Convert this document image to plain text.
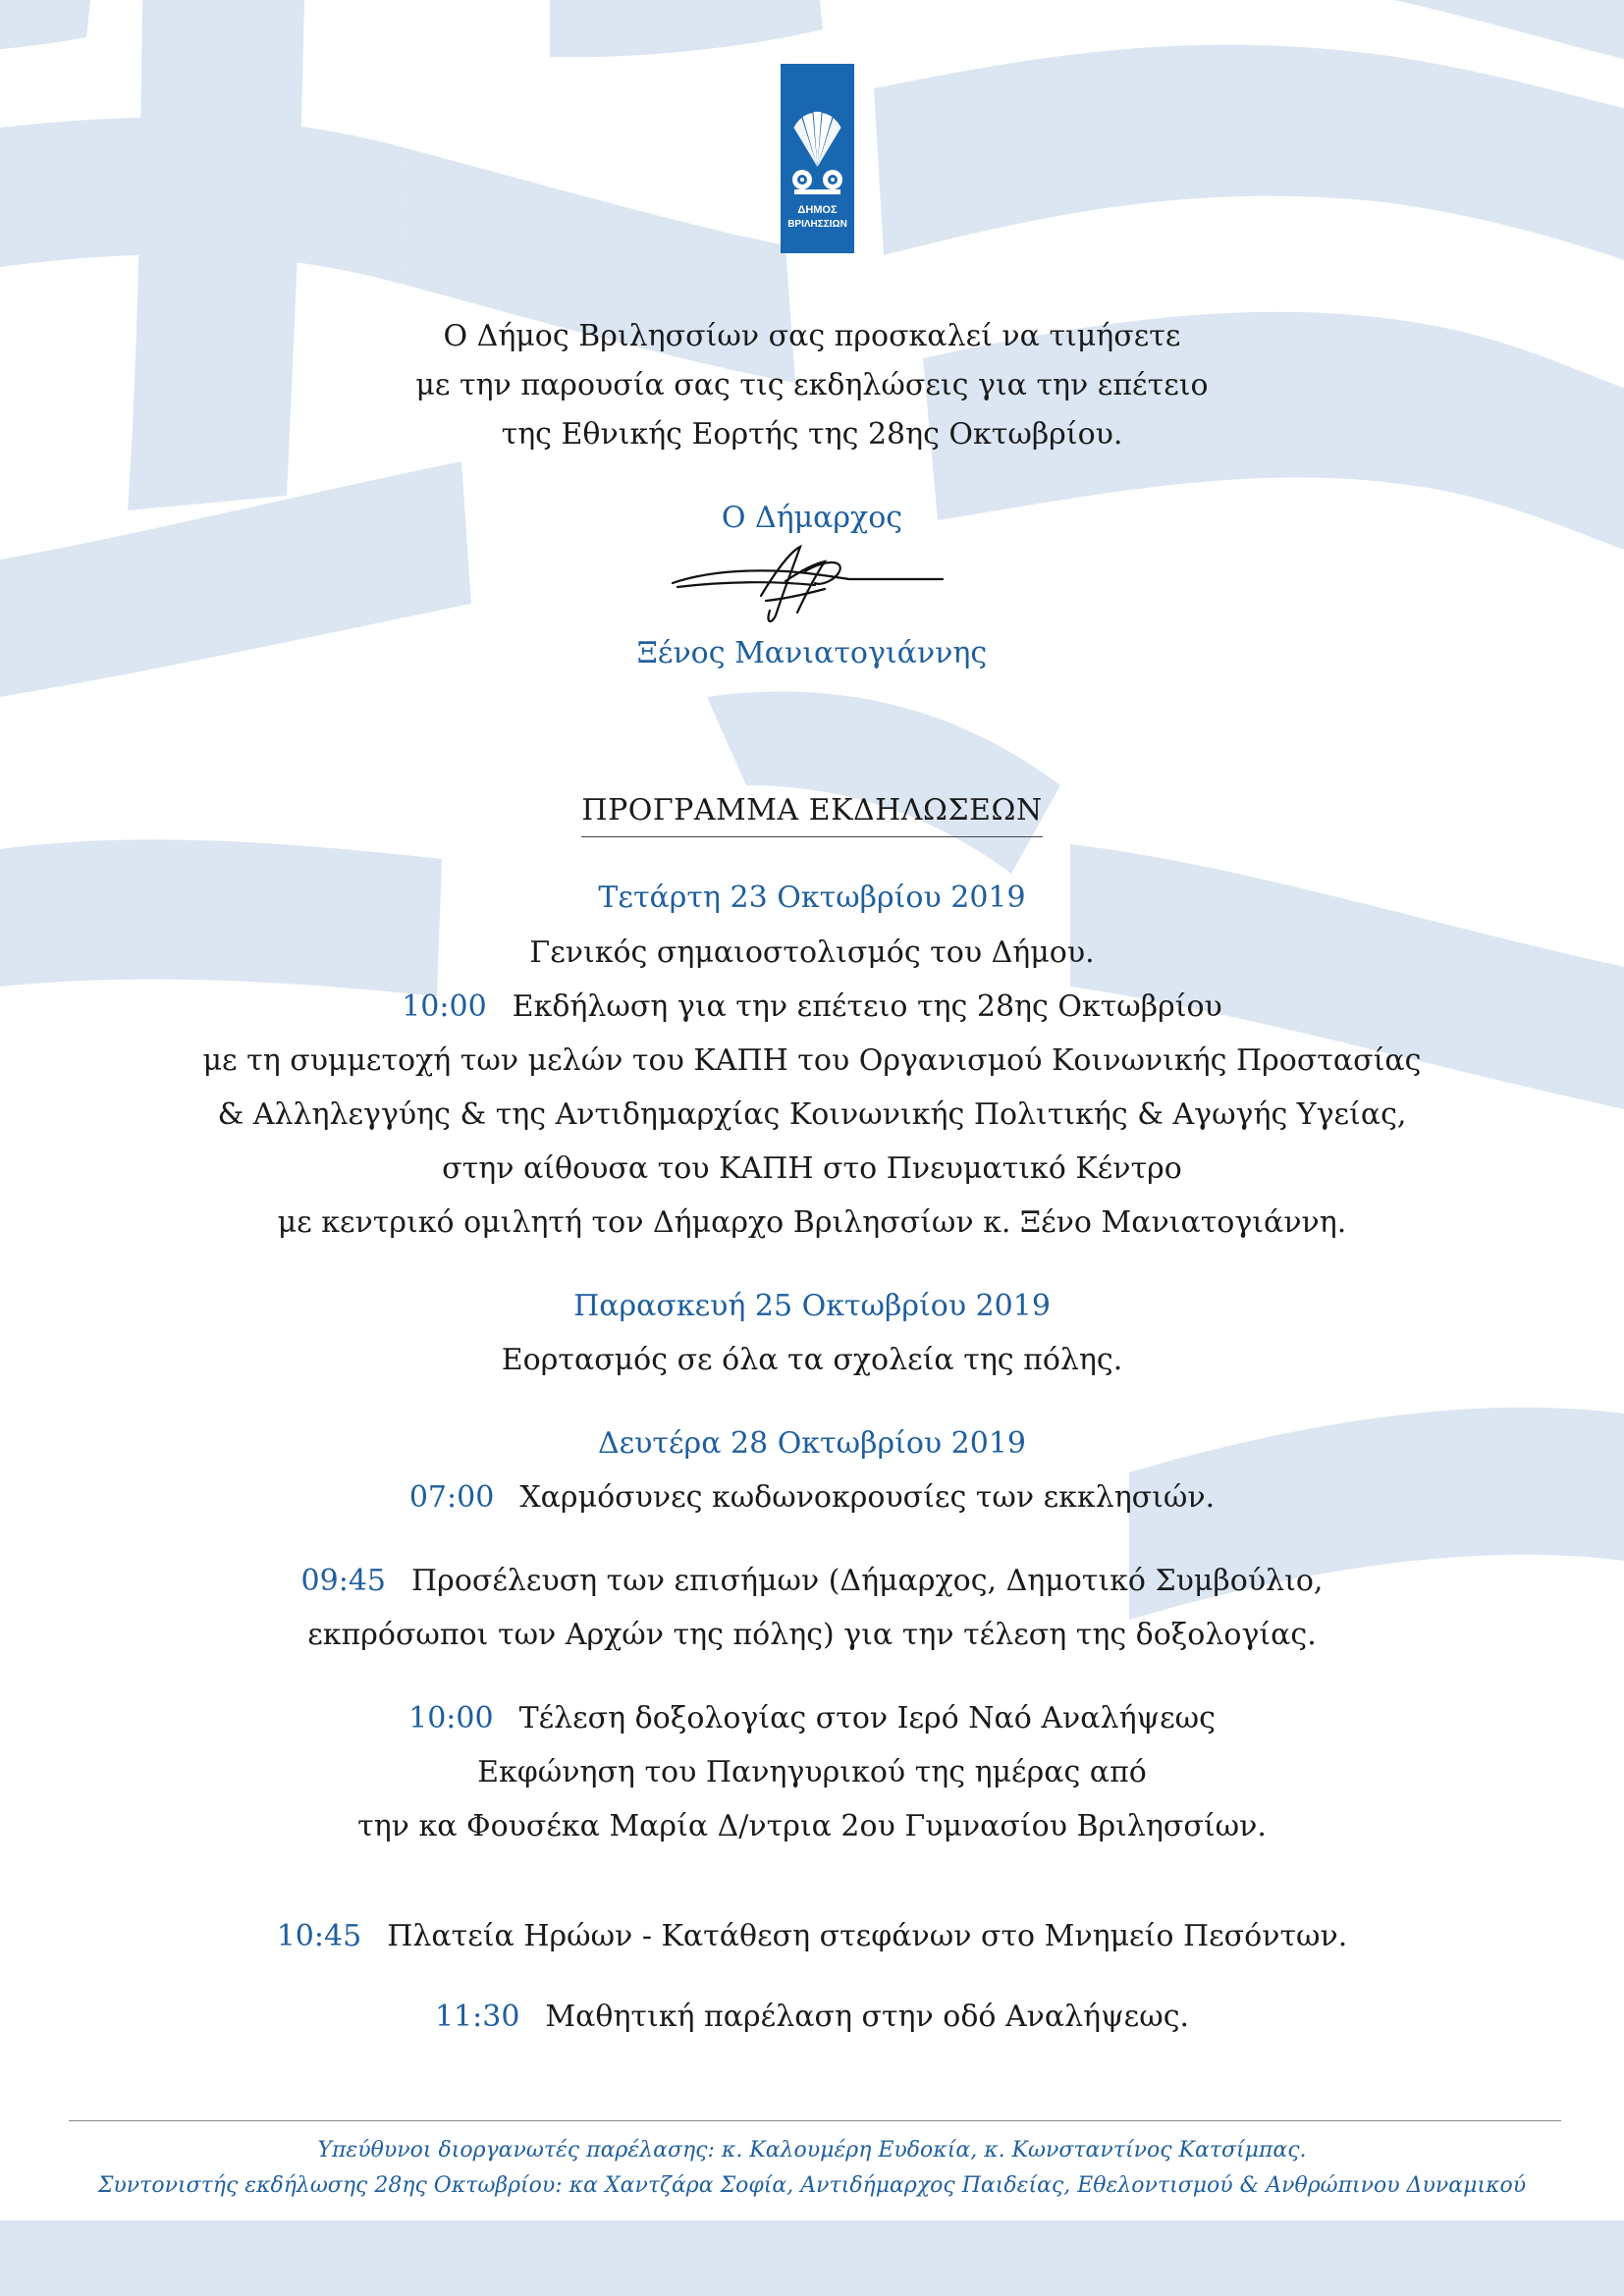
ΔΗΜΟΣ
ΒΡΙΛΗΣΣΙΩΝ
Ο Δήμος Βριλησσίων σας προσκαλεί να τιμήσετε
με την παρουσία σας τις εκδηλώσεις για την επέτειο
της Εθνικής Εορτής της 28ης Οκτωβρίου.
Ο Δήμαρχος
Ξένος Μανιατογιάννης
ΠΡΟΓΡΑΜΜΑ ΕΚΔΗΛΩΣΕΩΝ
Τετάρτη 23 Οκτωβρίου 2019
Γενικός σημαιοστολισμός του Δήμου.
10:00 Εκδήλωση για την επέτειο της 28ης Οκτωβρίου
με τη συμμετοχή των μελών του ΚΑΠΗ του Οργανισμού Κοινωνικής Προστασίας
& Αλληλεγγύης & της Αντιδημαρχίας Κοινωνικής Πολιτικής & Αγωγής Υγείας,
στην αίθουσα του ΚΑΠΗ στο Πνευματικό Κέντρο
με κεντρικό ομιλητή τον Δήμαρχο Βριλησσίων κ. Ξένο Μανιατογιάννη.
Παρασκευή 25 Οκτωβρίου 2019
Εορτασμός σε όλα τα σχολεία της πόλης.
Δευτέρα 28 Οκτωβρίου 2019
07:00 Χαρμόσυνες κωδωνοκρουσίες των εκκλησιών.
09:45 Προσέλευση των επισήμων (Δήμαρχος, Δημοτικό Συμβούλιο,
εκπρόσωποι των Αρχών της πόλης) για την τέλεση της δοξολογίας.
10:00 Τέλεση δοξολογίας στον Ιερό Ναό Αναλήψεως
Εκφώνηση του Πανηγυρικού της ημέρας από
την κα Φουσέκα Μαρία Δ/ντρια 2ου Γυμνασίου Βριλησσίων.
10:45 Πλατεία Ηρώων - Κατάθεση στεφάνων στο Μνημείο Πεσόντων.
11:30 Μαθητική παρέλαση στην οδό Αναλήψεως.
Υπεύθυνοι διοργανωτές παρέλασης: κ. Καλουμέρη Ευδοκία, κ. Κωνσταντίνος Κατσίμπας.
Συντονιστής εκδήλωσης 28ης Οκτωβρίου: κα Χαντζάρα Σοφία, Αντιδήμαρχος Παιδείας, Εθελοντισμού & Ανθρώπινου Δυναμικού
